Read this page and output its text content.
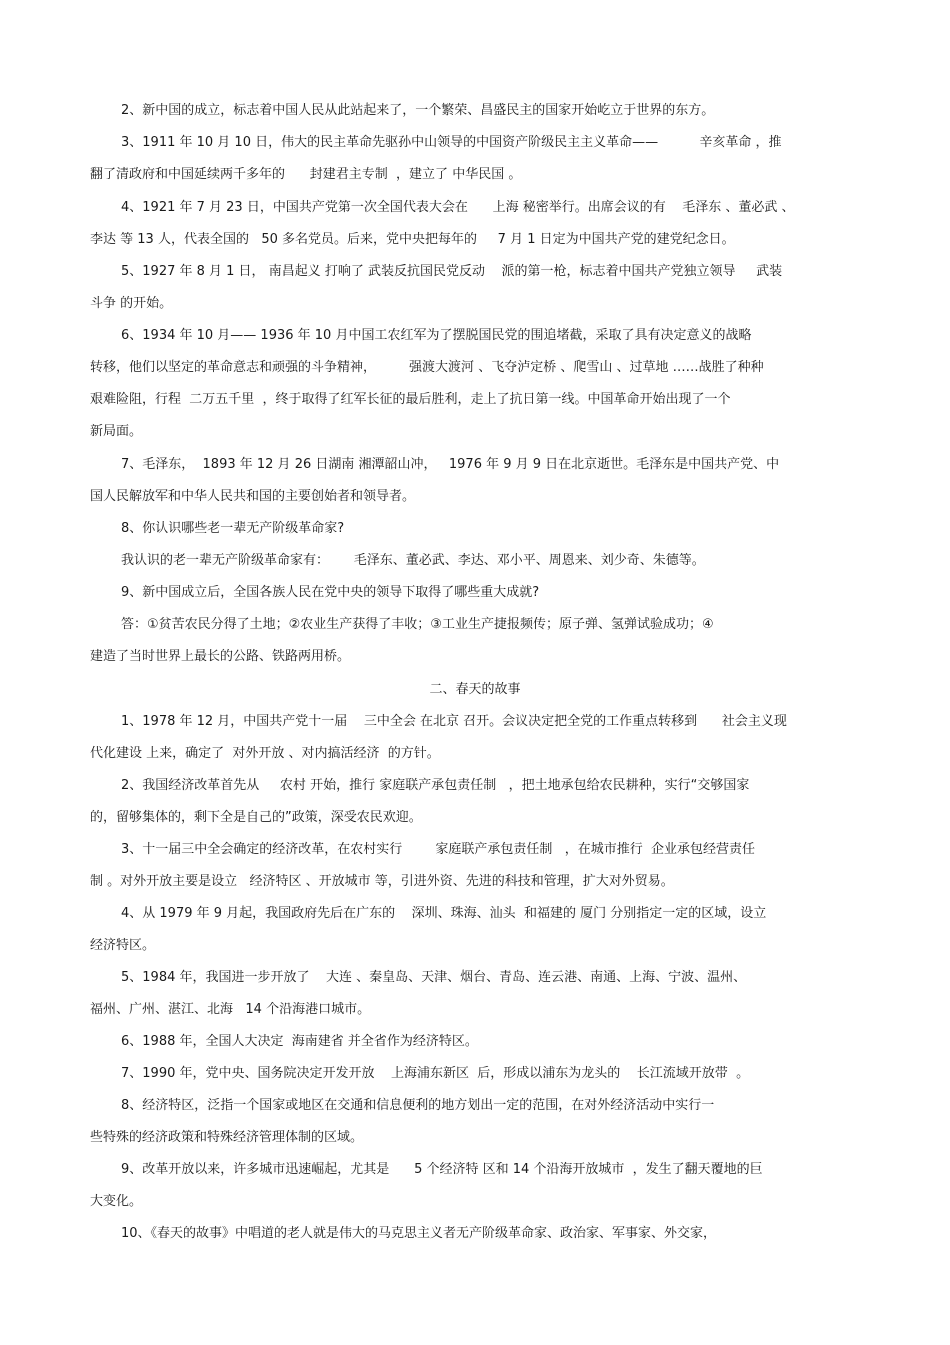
2、新中国的成立，标志着中国人民从此站起来了，一个繁荣、昌盛民主的国家开始屹立于世界的东方。
3、1911 年 10 月 10 日，伟大的民主革命先驱孙中山领导的中国资产阶级民主主义革命——          辛亥革命 ，推
翻了清政府和中国延续两千多年的      封建君主专制  ，建立了 中华民国 。
4、1921 年 7 月 23 日，中国共产党第一次全国代表大会在      上海 秘密举行。出席会议的有    毛泽东 、董必武 、
李达 等 13 人，代表全国的   50 多名党员。后来，党中央把每年的     7 月 1 日定为中国共产党的建党纪念日。
5、1927 年 8 月 1 日， 南昌起义 打响了 武装反抗国民党反动    派的第一枪，标志着中国共产党独立领导     武装
斗争 的开始。
6、1934 年 10 月—— 1936 年 10 月中国工农红军为了摆脱国民党的围追堵截，采取了具有决定意义的战略
转移，他们以坚定的革命意志和顽强的斗争精神，        强渡大渡河 、飞夺泸定桥 、爬雪山 、过草地 ……战胜了种种
艰难险阻，行程  二万五千里  ，终于取得了红军长征的最后胜利，走上了抗日第一线。中国革命开始出现了一个
新局面。
7、毛泽东，  1893 年 12 月 26 日湖南 湘潭韶山冲，   1976 年 9 月 9 日在北京逝世。毛泽东是中国共产党、中
国人民解放军和中华人民共和国的主要创始者和领导者。
8、你认识哪些老一辈无产阶级革命家?
我认识的老一辈无产阶级革命家有：      毛泽东、董必武、李达、邓小平、周恩来、刘少奇、朱德等。
9、新中国成立后，全国各族人民在党中央的领导下取得了哪些重大成就?
答：①贫苦农民分得了土地；②农业生产获得了丰收；③工业生产捷报频传；原子弹、氢弹试验成功；④
建造了当时世界上最长的公路、铁路两用桥。
二、春天的故事
1、1978 年 12 月，中国共产党十一届    三中全会 在北京 召开。会议决定把全党的工作重点转移到      社会主义现
代化建设 上来，确定了  对外开放 、对内搞活经济  的方针。
2、我国经济改革首先从     农村 开始，推行 家庭联产承包责任制   ，把土地承包给农民耕种，实行“交够国家
的，留够集体的，剩下全是自己的”政策，深受农民欢迎。
3、十一届三中全会确定的经济改革，在农村实行        家庭联产承包责任制   ，在城市推行  企业承包经营责任
制 。对外开放主要是设立   经济特区 、开放城市 等，引进外资、先进的科技和管理，扩大对外贸易。
4、从 1979 年 9 月起，我国政府先后在广东的    深圳、珠海、汕头  和福建的 厦门 分别指定一定的区域，设立
经济特区。
5、1984 年，我国进一步开放了    大连 、秦皇岛、天津、烟台、青岛、连云港、南通、上海、宁波、温州、
福州、广州、湛江、北海   14 个沿海港口城市。
6、1988 年，全国人大决定  海南建省 并全省作为经济特区。
7、1990 年，党中央、国务院决定开发开放    上海浦东新区  后，形成以浦东为龙头的    长江流域开放带  。
8、经济特区，泛指一个国家或地区在交通和信息便利的地方划出一定的范围，在对外经济活动中实行一
些特殊的经济政策和特殊经济管理体制的区域。
9、改革开放以来，许多城市迅速崛起，尤其是      5 个经济特 区和 14 个沿海开放城市  ，发生了翻天覆地的巨
大变化。
10、《春天的故事》中唱道的老人就是伟大的马克思主义者无产阶级革命家、政治家、军事家、外交家，
